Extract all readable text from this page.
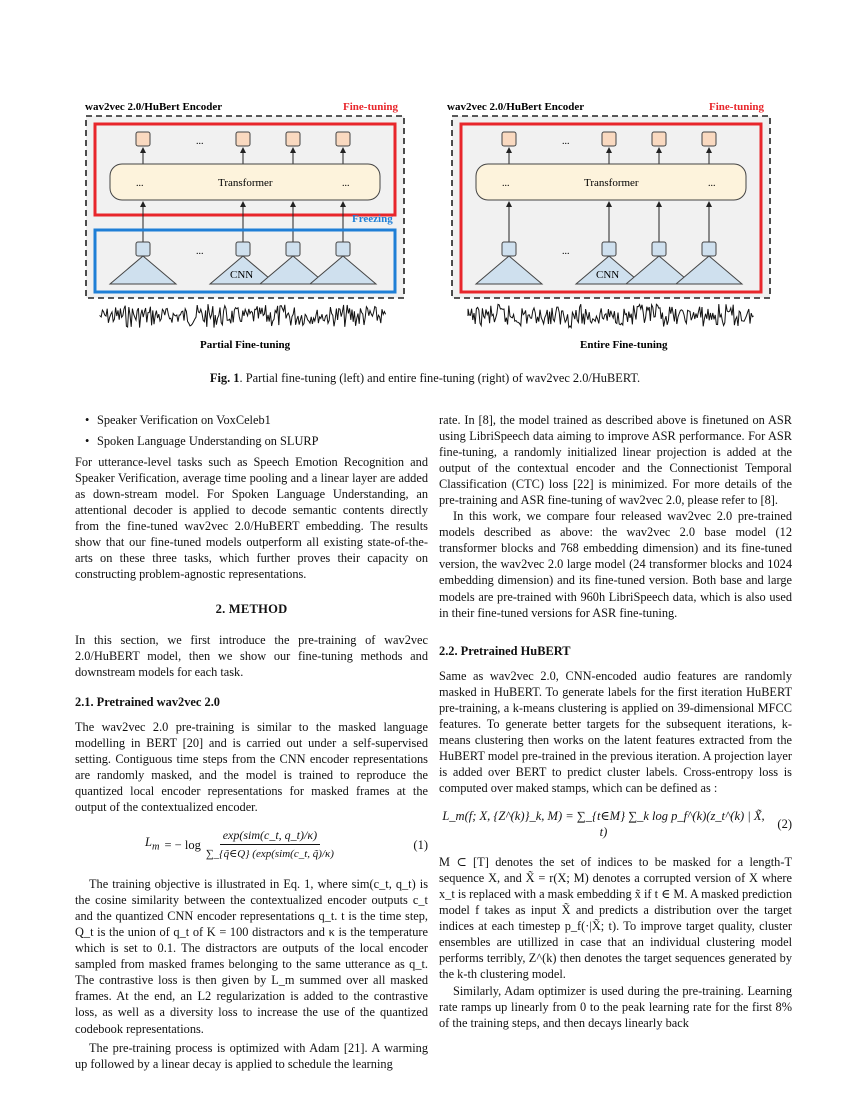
wav2vec 2.0/HuBert Encoder	Fine-tuning
...
...	Transformer	...
Freezing
...
CNN
Partial Fine-tuning
wav2vec 2.0/HuBert Encoder	Fine-tuning
...
...	Transformer	...
...
CNN
Entire Fine-tuning
Fig. 1. Partial fine-tuning (left) and entire fine-tuning (right) of wav2vec 2.0/HuBERT.
• Speaker Verification on VoxCeleb1
• Spoken Language Understanding on SLURP

For utterance-level tasks such as Speech Emotion Recognition and Speaker Verification, average time pooling and a linear layer are added as down-stream model. For Spoken Language Understanding, an attentional decoder is applied to decode semantic contents directly from the fine-tuned wav2vec 2.0/HuBERT embedding. The results show that our fine-tuned models outperform all existing state-of-the-arts on these three tasks, which further proves their capacity on constructing problem-agnostic representations.

2. METHOD

In this section, we first introduce the pre-training of wav2vec 2.0/HuBERT model, then we show our fine-tuning methods and downstream models for each task.

2.1. Pretrained wav2vec 2.0

The wav2vec 2.0 pre-training is similar to the masked language modelling in BERT [20] and is carried out under a self-supervised setting. Contiguous time steps from the CNN encoder representations are randomly masked, and the model is trained to reproduce the quantized local encoder representations for masked frames at the output of the contextualized encoder.

$L_m$ = − $\log \frac{\text{exp(sim(c\_t, q\_t)/κ)}}{\text{∑\_\{q̃∈Q\} (exp(sim(c\_t, q̃)/κ)}}$	(1)

The training objective is illustrated in Eq. 1, where sim(c_t, q_t) is the cosine similarity between the contextualized encoder outputs c_t and the quantized CNN encoder representations q_t. t is the time step, Q_t is the union of q_t of K = 100 distractors and κ is the temperature which is set to 0.1. The distractors are outputs of the local encoder sampled from masked frames belonging to the same utterance as q_t. The contrastive loss is then given by L_m summed over all masked frames. At the end, an L2 regularization is added to the contrastive loss, as well as a diversity loss to increase the use of the quantized codebook representations.

The pre-training process is optimized with Adam [21]. A warming up followed by a linear decay is applied to schedule the learning

rate. In [8], the model trained as described above is finetuned on ASR using LibriSpeech data aiming to improve ASR performance. For ASR fine-tuning, a randomly initialized linear projection is added at the output of the contextual encoder and the Connectionist Temporal Classification (CTC) loss [22] is minimized. For more details of the pre-training and ASR fine-tuning of wav2vec 2.0, please refer to [8].

In this work, we compare four released wav2vec 2.0 pre-trained models described as above: the wav2vec 2.0 base model (12 transformer blocks and 768 embedding dimension) and its fine-tuned version, the wav2vec 2.0 large model (24 transformer blocks and 1024 embedding dimension) and its fine-tuned version. Both base and large models are pre-trained with 960h LibriSpeech data, which is also used in their fine-tuned versions for ASR fine-tuning.

2.2. Pretrained HuBERT

Same as wav2vec 2.0, CNN-encoded audio features are randomly masked in HuBERT. To generate labels for the first iteration HuBERT pre-training, a k-means clustering is applied on 39-dimensional MFCC features. To generate better targets for the subsequent iterations, k-means clustering then works on the latent features extracted from the HuBERT model pre-trained in the previous iteration. A projection layer is added over BERT to predict cluster labels. Cross-entropy loss is computed over maked stamps, which can be defined as :

L_m(f; X, {Z^(k)}_k, M) = ∑_{t∈M} ∑_k log p_f^(k)(z_t^(k) | X̃, t)
(2)

M ⊂ [T] denotes the set of indices to be masked for a length-T sequence X, and X̃ = r(X; M) denotes a corrupted version of X where x_t is replaced with a mask embedding x̃ if t ∈ M. A masked prediction model f takes as input X̃ and predicts a distribution over the target indices at each timestep p_f(·|X̃; t). To improve target quality, cluster ensembles are utillized in case that an individual clustering model performs terribly, Z^(k) then denotes the target sequences generated by the k-th clustering model.

Similarly, Adam optimizer is used during the pre-training. Learning rate ramps up linearly from 0 to the peak learning rate for the first 8% of the training steps, and then decays linearly back
